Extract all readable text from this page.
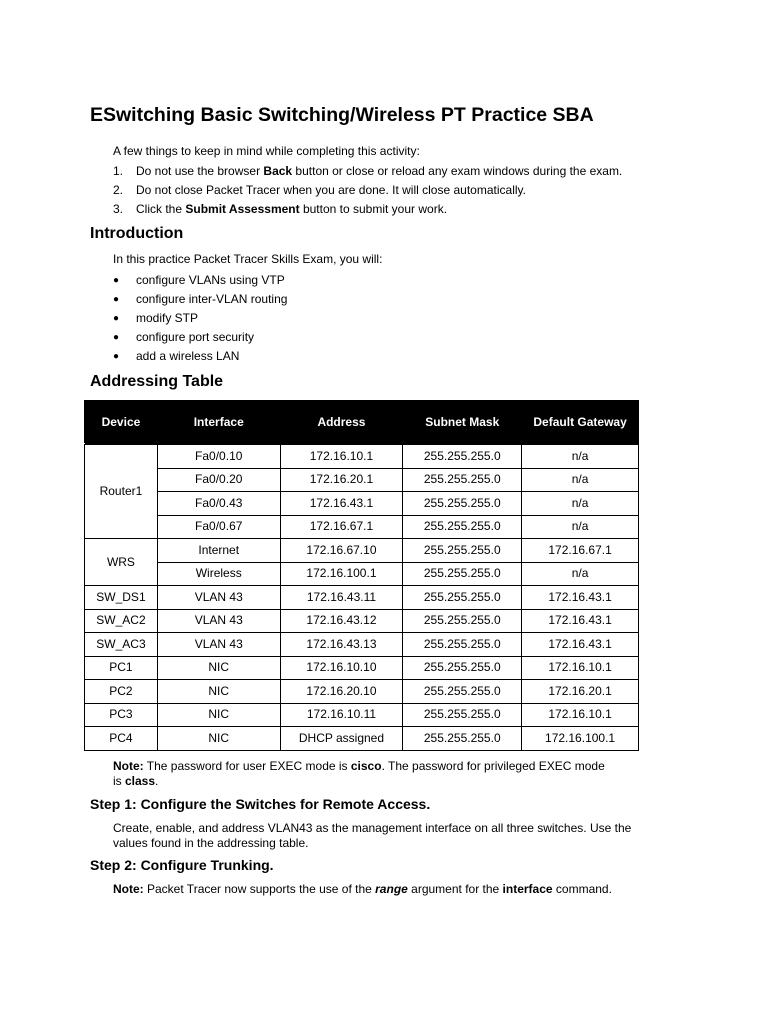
ESwitching Basic Switching/Wireless PT Practice SBA
A few things to keep in mind while completing this activity:
1. Do not use the browser Back button or close or reload any exam windows during the exam.
2. Do not close Packet Tracer when you are done. It will close automatically.
3. Click the Submit Assessment button to submit your work.
Introduction
In this practice Packet Tracer Skills Exam, you will:
● configure VLANs using VTP
● configure inter-VLAN routing
● modify STP
● configure port security
● add a wireless LAN
Addressing Table
Device	Interface	Address	Subnet Mask	Default Gateway
Router1	Fa0/0.10	172.16.10.1	255.255.255.0	n/a
	Fa0/0.20	172.16.20.1	255.255.255.0	n/a
	Fa0/0.43	172.16.43.1	255.255.255.0	n/a
	Fa0/0.67	172.16.67.1	255.255.255.0	n/a
WRS	Internet	172.16.67.10	255.255.255.0	172.16.67.1
	Wireless	172.16.100.1	255.255.255.0	n/a
SW_DS1	VLAN 43	172.16.43.11	255.255.255.0	172.16.43.1
SW_AC2	VLAN 43	172.16.43.12	255.255.255.0	172.16.43.1
SW_AC3	VLAN 43	172.16.43.13	255.255.255.0	172.16.43.1
PC1	NIC	172.16.10.10	255.255.255.0	172.16.10.1
PC2	NIC	172.16.20.10	255.255.255.0	172.16.20.1
PC3	NIC	172.16.10.11	255.255.255.0	172.16.10.1
PC4	NIC	DHCP assigned	255.255.255.0	172.16.100.1
Note: The password for user EXEC mode is cisco. The password for privileged EXEC mode
is class.
Step 1: Configure the Switches for Remote Access.
Create, enable, and address VLAN43 as the management interface on all three switches. Use the
values found in the addressing table.
Step 2: Configure Trunking.
Note: Packet Tracer now supports the use of the range argument for the interface command.
